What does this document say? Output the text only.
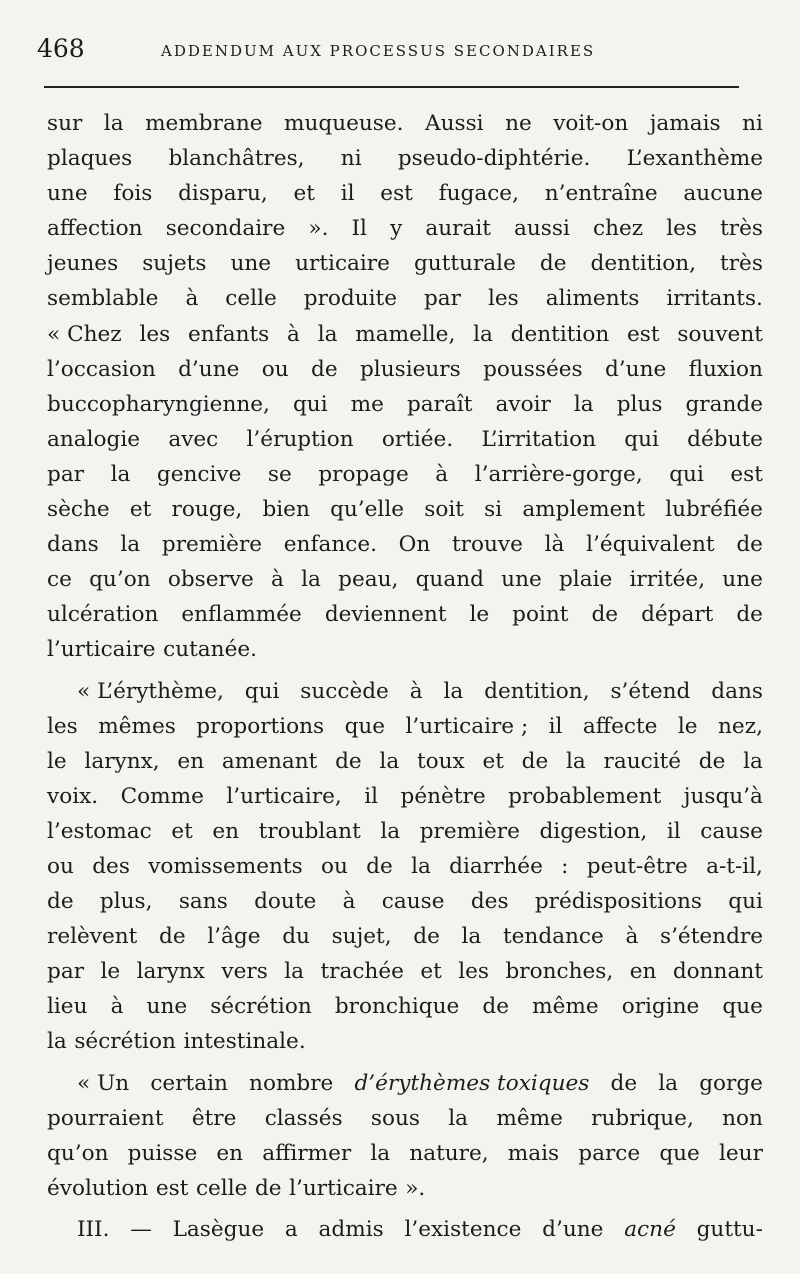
468	ADDENDUM AUX PROCESSUS SECONDAIRES
sur la membrane muqueuse. Aussi ne voit-on jamais ni
plaques blanchâtres, ni pseudo-diphtérie. L’exanthème
une fois disparu, et il est fugace, n’entraîne aucune
affection secondaire ». Il y aurait aussi chez les très
jeunes sujets une urticaire gutturale de dentition, très
semblable à celle produite par les aliments irritants.
« Chez les enfants à la mamelle, la dentition est souvent
l’occasion d’une ou de plusieurs poussées d’une fluxion
buccopharyngienne, qui me paraît avoir la plus grande
analogie avec l’éruption ortiée. L’irritation qui débute
par la gencive se propage à l’arrière-gorge, qui est
sèche et rouge, bien qu’elle soit si amplement lubréfiée
dans la première enfance. On trouve là l’équivalent de
ce qu’on observe à la peau, quand une plaie irritée, une
ulcération enflammée deviennent le point de départ de
l’urticaire cutanée.
« L’érythème, qui succède à la dentition, s’étend dans
les mêmes proportions que l’urticaire ; il affecte le nez,
le larynx, en amenant de la toux et de la raucité de la
voix. Comme l’urticaire, il pénètre probablement jusqu’à
l’estomac et en troublant la première digestion, il cause
ou des vomissements ou de la diarrhée : peut-être a-t-il,
de plus, sans doute à cause des prédispositions qui
relèvent de l’âge du sujet, de la tendance à s’étendre
par le larynx vers la trachée et les bronches, en donnant
lieu à une sécrétion bronchique de même origine que
la sécrétion intestinale.
« Un certain nombre d’érythèmes toxiques de la gorge
pourraient être classés sous la même rubrique, non
qu’on puisse en affirmer la nature, mais parce que leur
évolution est celle de l’urticaire ».
III. — Lasègue a admis l’existence d’une acné guttu-
